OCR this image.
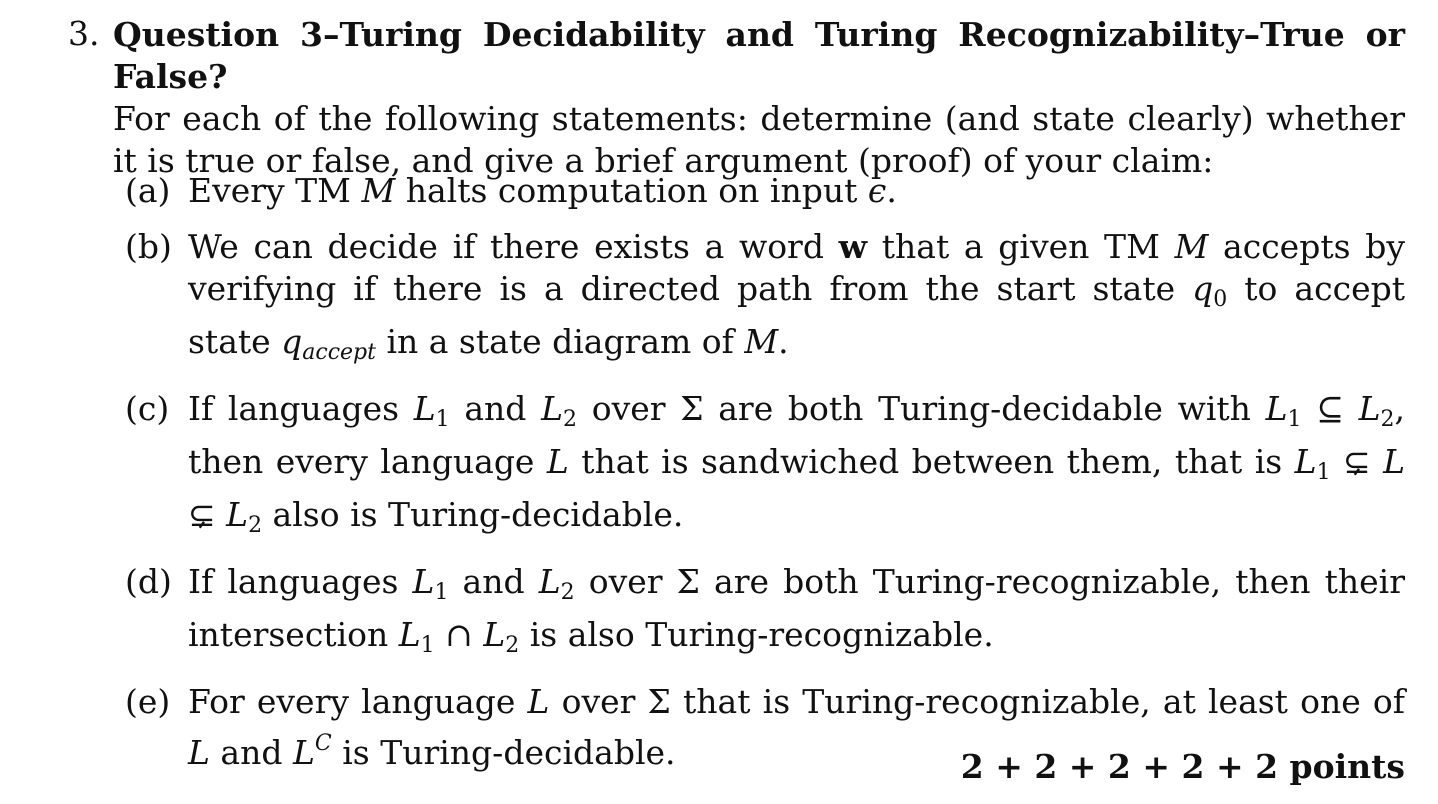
3. Question 3–Turing Decidability and Turing Recognizability–True or False?
For each of the following statements: determine (and state clearly) whether it is true or false, and give a brief argument (proof) of your claim:
(a) Every TM M halts computation on input ϵ.
(b) We can decide if there exists a word w that a given TM M accepts by verifying if there is a directed path from the start state $q_0$ to accept state qaccept in a state diagram of M.
(c) If languages $L_1$ and $L_2$ over Σ are both Turing-decidable with $L_1$ ⊆ $L_2$, then every language L that is sandwiched between them, that is $L_1$ ⊊ L ⊊ $L_2$ also is Turing-decidable.
(d) If languages $L_1$ and $L_2$ over Σ are both Turing-recognizable, then their intersection $L_1$ ∩ $L_2$ is also Turing-recognizable.
(e) For every language L over Σ that is Turing-recognizable, at least one of L and $L^C$ is Turing-decidable.	2 + 2 + 2 + 2 + 2 points
